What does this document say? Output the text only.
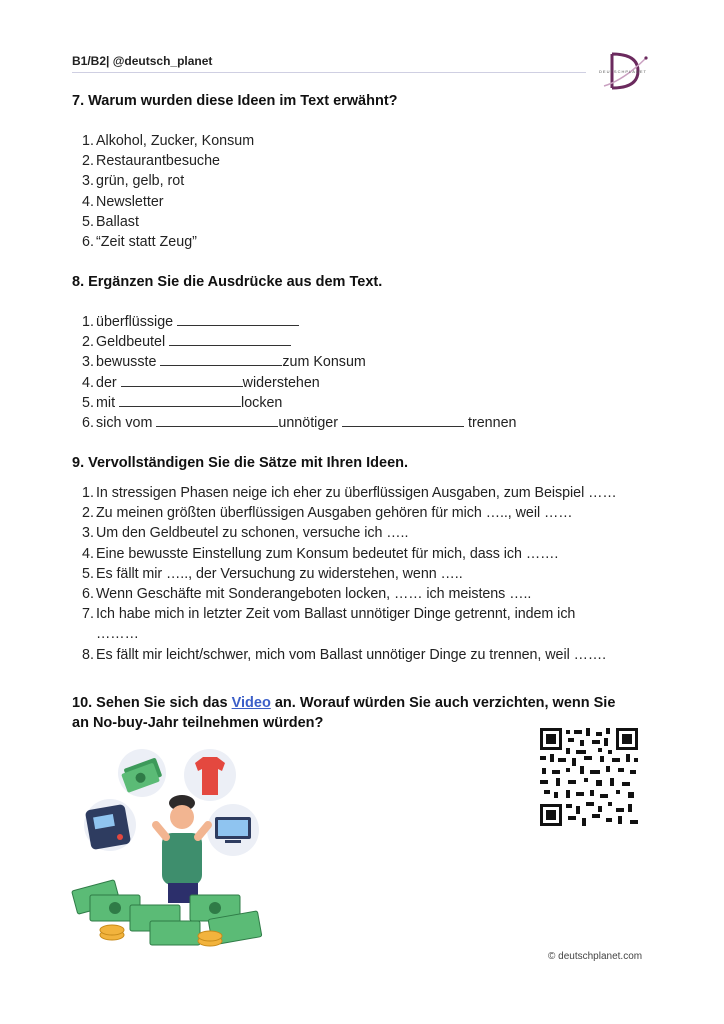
B1/B2| @deutsch_planet
DEUTSCHPLANET
7. Warum wurden diese Ideen im Text erwähnt?
1. Alkohol, Zucker, Konsum
2. Restaurantbesuche
3. grün, gelb, rot
4. Newsletter
5. Ballast
6. “Zeit statt Zeug”
8. Ergänzen Sie die Ausdrücke aus dem Text.
1. überflüssige
2. Geldbeutel
3. bewusste	zum Konsum
4. der	widerstehen
5. mit	locken
6. sich vom	unnötiger	trennen
9. Vervollständigen Sie die Sätze mit Ihren Ideen.
1. In stressigen Phasen neige ich eher zu überflüssigen Ausgaben, zum Beispiel ……
2. Zu meinen größten überflüssigen Ausgaben gehören für mich ….., weil ……
3. Um den Geldbeutel zu schonen, versuche ich …..
4. Eine bewusste Einstellung zum Konsum bedeutet für mich, dass ich …….
5. Es fällt mir ….., der Versuchung zu widerstehen, wenn …..
6. Wenn Geschäfte mit Sonderangeboten locken, …… ich meistens …..
7. Ich habe mich in letzter Zeit vom Ballast unnötiger Dinge getrennt, indem ich
………
8. Es fällt mir leicht/schwer, mich vom Ballast unnötiger Dinge zu trennen, weil …….
10. Sehen Sie sich das Video an. Worauf würden Sie auch verzichten, wenn Sie
an No-buy-Jahr teilnehmen würden?
© deutschplanet.com
